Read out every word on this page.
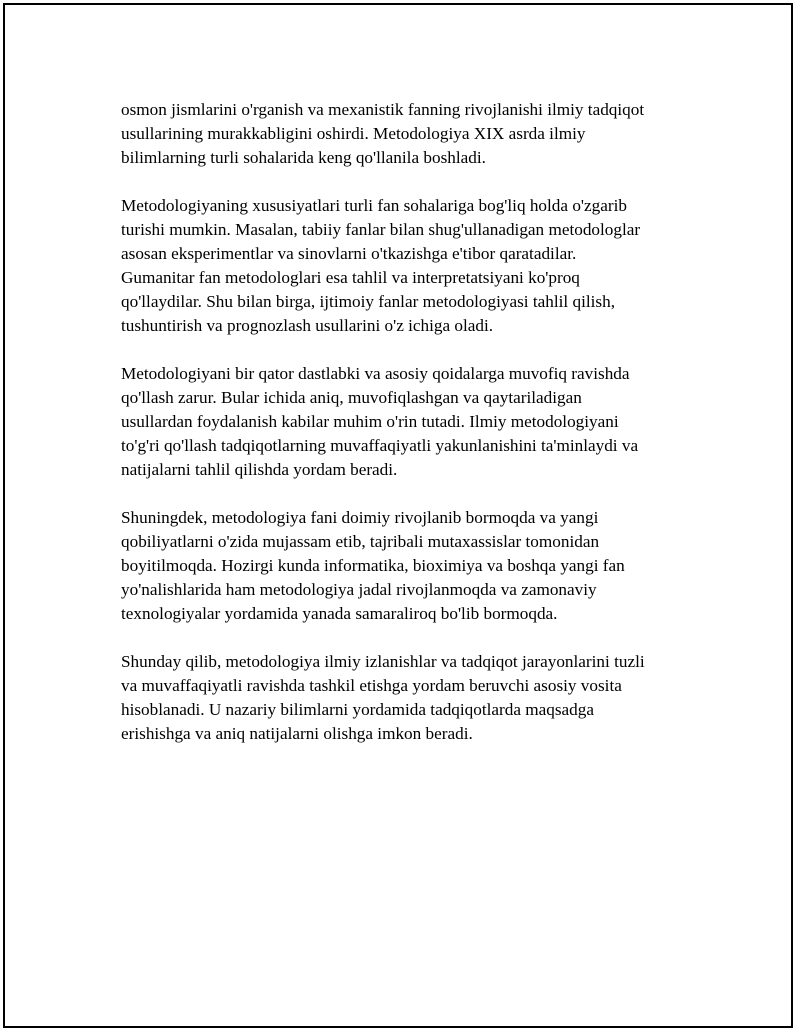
osmon jismlarini o'rganish va mexanistik fanning rivojlanishi ilmiy tadqiqot
usullarining murakkabligini oshirdi. Metodologiya XIX asrda ilmiy
bilimlarning turli sohalarida keng qo'llanila boshladi.

Metodologiyaning xususiyatlari turli fan sohalariga bog'liq holda o'zgarib
turishi mumkin. Masalan, tabiiy fanlar bilan shug'ullanadigan metodologlar
asosan eksperimentlar va sinovlarni o'tkazishga e'tibor qaratadilar.
Gumanitar fan metodologlari esa tahlil va interpretatsiyani ko'proq
qo'llaydilar. Shu bilan birga, ijtimoiy fanlar metodologiyasi tahlil qilish,
tushuntirish va prognozlash usullarini o'z ichiga oladi.

Metodologiyani bir qator dastlabki va asosiy qoidalarga muvofiq ravishda
qo'llash zarur. Bular ichida aniq, muvofiqlashgan va qaytariladigan
usullardan foydalanish kabilar muhim o'rin tutadi. Ilmiy metodologiyani
to'g'ri qo'llash tadqiqotlarning muvaffaqiyatli yakunlanishini ta'minlaydi va
natijalarni tahlil qilishda yordam beradi.

Shuningdek, metodologiya fani doimiy rivojlanib bormoqda va yangi
qobiliyatlarni o'zida mujassam etib, tajribali mutaxassislar tomonidan
boyitilmoqda. Hozirgi kunda informatika, bioximiya va boshqa yangi fan
yo'nalishlarida ham metodologiya jadal rivojlanmoqda va zamonaviy
texnologiyalar yordamida yanada samaraliroq bo'lib bormoqda.

Shunday qilib, metodologiya ilmiy izlanishlar va tadqiqot jarayonlarini tuzli
va muvaffaqiyatli ravishda tashkil etishga yordam beruvchi asosiy vosita
hisoblanadi. U nazariy bilimlarni yordamida tadqiqotlarda maqsadga
erishishga va aniq natijalarni olishga imkon beradi.
